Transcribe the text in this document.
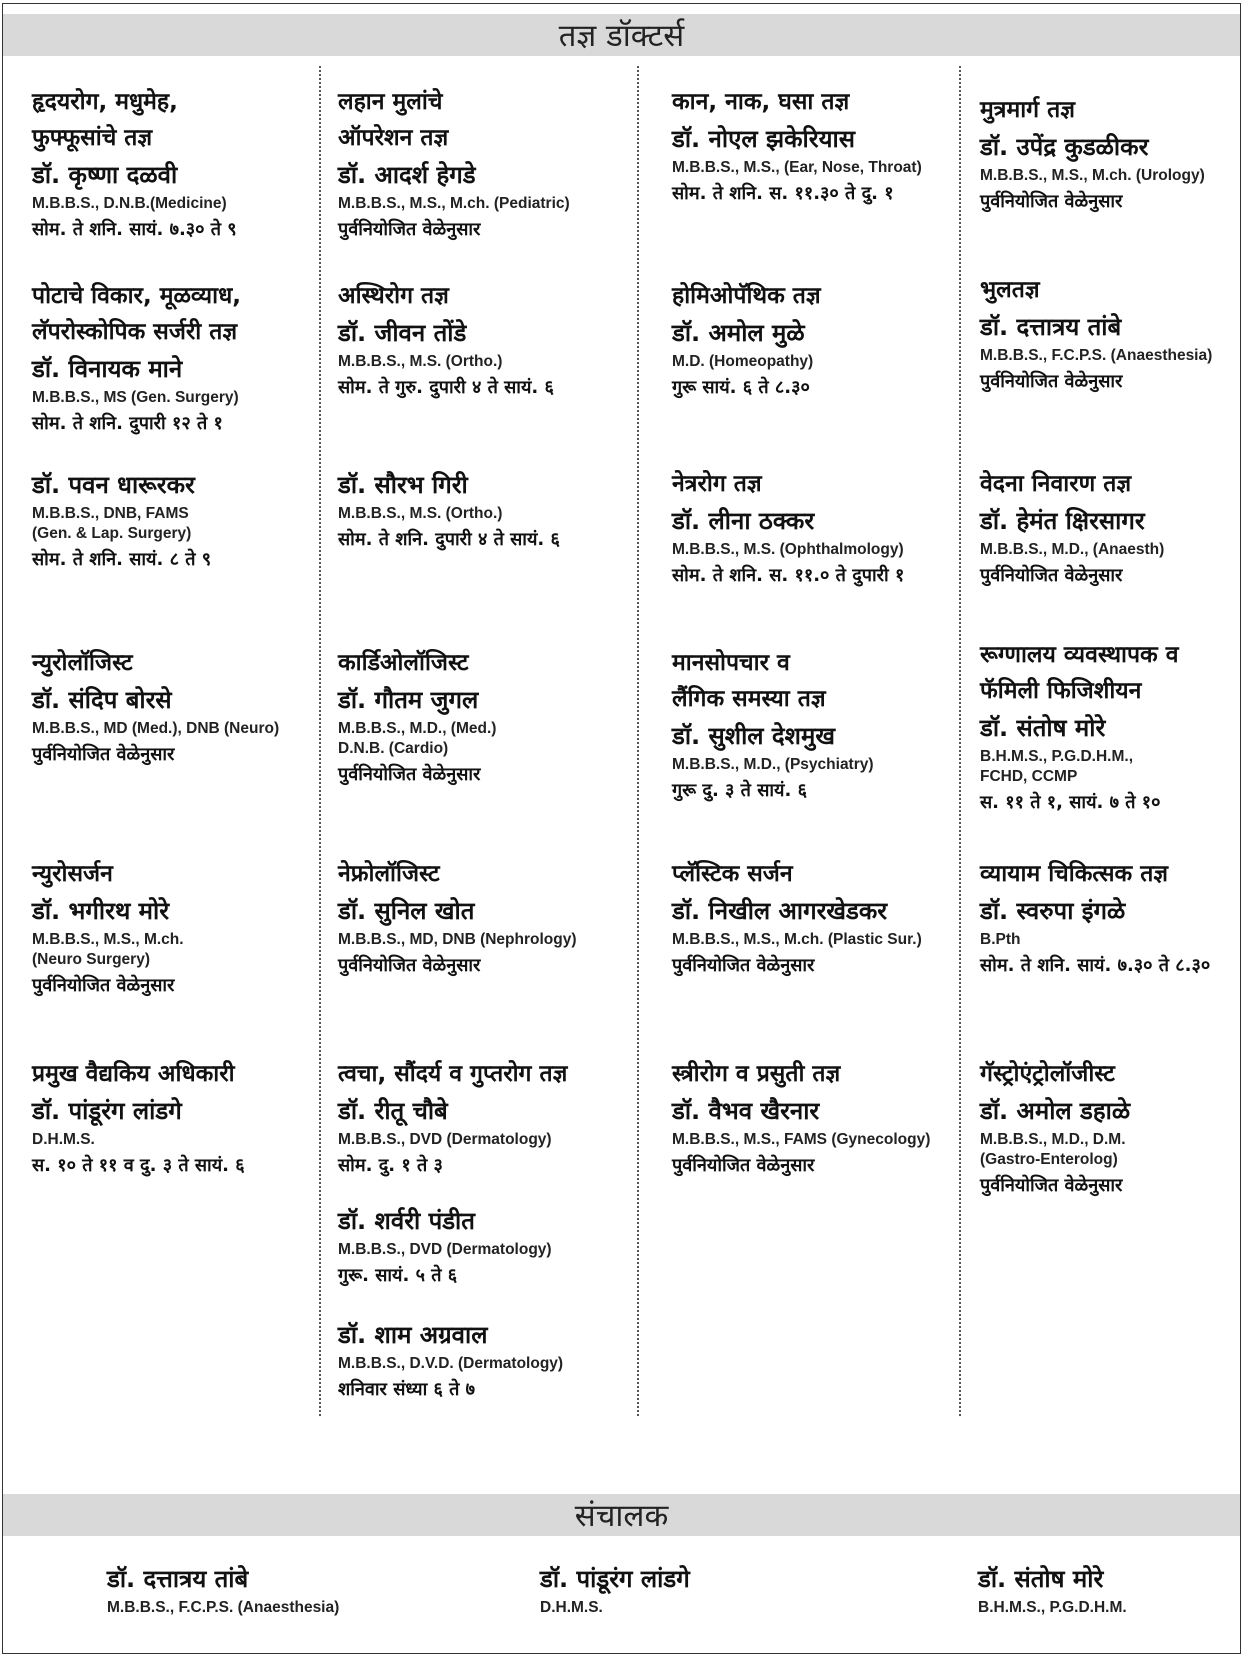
तज्ञ डॉक्टर्स
हृदयरोग, मधुमेह,
फुफ्फूसांचे तज्ञ
डॉ. कृष्णा दळवी
M.B.B.S., D.N.B.(Medicine)
सोम. ते शनि. सायं. ७.३० ते ९
पोटाचे विकार, मूळव्याध,
लॅपरोस्कोपिक सर्जरी तज्ञ
डॉ. विनायक माने
M.B.B.S., MS (Gen. Surgery)
सोम. ते शनि. दुपारी १२ ते १
डॉ. पवन धारूरकर
M.B.B.S., DNB, FAMS
(Gen. & Lap. Surgery)
सोम. ते शनि. सायं. ८ ते ९
न्युरोलॉजिस्ट
डॉ. संदिप बोरसे
M.B.B.S., MD (Med.), DNB (Neuro)
पुर्वनियोजित वेळेनुसार
न्युरोसर्जन
डॉ. भगीरथ मोरे
M.B.B.S., M.S., M.ch.
(Neuro Surgery)
पुर्वनियोजित वेळेनुसार
प्रमुख वैद्यकिय अधिकारी
डॉ. पांडूरंग लांडगे
D.H.M.S.
स. १० ते ११ व दु. ३ ते सायं. ६
लहान मुलांचे
ऑपरेशन तज्ञ
डॉ. आदर्श हेगडे
M.B.B.S., M.S., M.ch. (Pediatric)
पुर्वनियोजित वेळेनुसार
अस्थिरोग तज्ञ
डॉ. जीवन तोंडे
M.B.B.S., M.S. (Ortho.)
सोम. ते गुरु. दुपारी ४ ते सायं. ६
डॉ. सौरभ गिरी
M.B.B.S., M.S. (Ortho.)
सोम. ते शनि. दुपारी ४ ते सायं. ६
कार्डिओलॉजिस्ट
डॉ. गौतम जुगल
M.B.B.S., M.D., (Med.)
D.N.B. (Cardio)
पुर्वनियोजित वेळेनुसार
नेफ्रोलॉजिस्ट
डॉ. सुनिल खोत
M.B.B.S., MD, DNB (Nephrology)
पुर्वनियोजित वेळेनुसार
त्वचा, सौंदर्य व गुप्तरोग तज्ञ
डॉ. रीतू चौबे
M.B.B.S., DVD (Dermatology)
सोम. दु. १ ते ३
डॉ. शर्वरी पंडीत
M.B.B.S., DVD (Dermatology)
गुरू. सायं. ५ ते ६
डॉ. शाम अग्रवाल
M.B.B.S., D.V.D. (Dermatology)
शनिवार संध्या ६ ते ७
कान, नाक, घसा तज्ञ
डॉ. नोएल झकेरियास
M.B.B.S., M.S., (Ear, Nose, Throat)
सोम. ते शनि. स. ११.३० ते दु. १
होमिओपॅथिक तज्ञ
डॉ. अमोल मुळे
M.D. (Homeopathy)
गुरू सायं. ६ ते ८.३०
नेत्ररोग तज्ञ
डॉ. लीना ठक्कर
M.B.B.S., M.S. (Ophthalmology)
सोम. ते शनि. स. ११.० ते दुपारी १
मानसोपचार व
लैंगिक समस्या तज्ञ
डॉ. सुशील देशमुख
M.B.B.S., M.D., (Psychiatry)
गुरू दु. ३ ते सायं. ६
प्लॅस्टिक सर्जन
डॉ. निखील आगरखेडकर
M.B.B.S., M.S., M.ch. (Plastic Sur.)
पुर्वनियोजित वेळेनुसार
स्त्रीरोग व प्रसुती तज्ञ
डॉ. वैभव खैरनार
M.B.B.S., M.S., FAMS (Gynecology)
पुर्वनियोजित वेळेनुसार
मुत्रमार्ग तज्ञ
डॉ. उपेंद्र कुडळीकर
M.B.B.S., M.S., M.ch. (Urology)
पुर्वनियोजित वेळेनुसार
भुलतज्ञ
डॉ. दत्तात्रय तांबे
M.B.B.S., F.C.P.S. (Anaesthesia)
पुर्वनियोजित वेळेनुसार
वेदना निवारण तज्ञ
डॉ. हेमंत क्षिरसागर
M.B.B.S., M.D., (Anaesth)
पुर्वनियोजित वेळेनुसार
रूग्णालय व्यवस्थापक व
फॅमिली फिजिशीयन
डॉ. संतोष मोरे
B.H.M.S., P.G.D.H.M.,
FCHD, CCMP
स. ११ ते १, सायं. ७ ते १०
व्यायाम चिकित्सक तज्ञ
डॉ. स्वरुपा इंगळे
B.Pth
सोम. ते शनि. सायं. ७.३० ते ८.३०
गॅस्ट्रोएंट्रोलॉजीस्ट
डॉ. अमोल डहाळे
M.B.B.S., M.D., D.M.
(Gastro-Enterolog)
पुर्वनियोजित वेळेनुसार
संचालक
डॉ. दत्तात्रय तांबे
M.B.B.S., F.C.P.S. (Anaesthesia)
डॉ. पांडूरंग लांडगे
D.H.M.S.
डॉ. संतोष मोरे
B.H.M.S., P.G.D.H.M.
